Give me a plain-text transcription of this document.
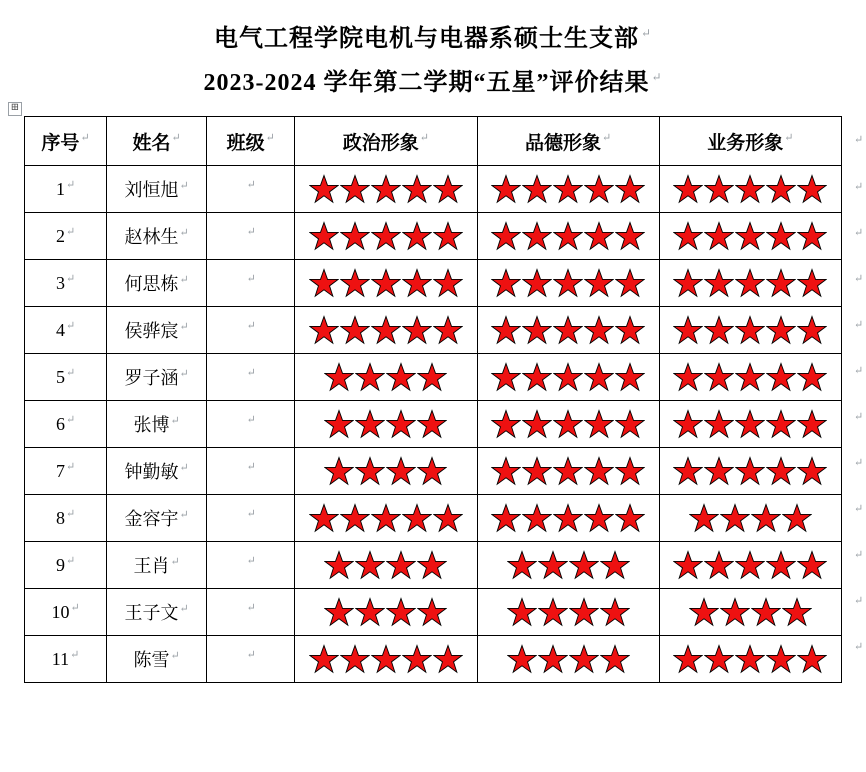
电气工程学院电机与电器系硕士生支部 ↵
2023-2024 学年第二学期“五星”评价结果 ↵
⊞
序号↵	姓名↵	班级↵	政治形象↵	品德形象↵	业务形象↵
1↵	刘恒旭↵	↵	

2↵	赵林生↵	↵	

3↵	何思栋↵	↵	

4↵	侯骅宸↵	↵	

5↵	罗子涵↵	↵	

6↵	张博↵	↵	

7↵	钟勤敏↵	↵	

8↵	金容宇↵	↵	

9↵	王肖↵	↵	

10↵	王子文↵	↵	

11↵	陈雪↵	↵	

↵
↵
↵
↵
↵
↵
↵
↵
↵
↵
↵
↵
